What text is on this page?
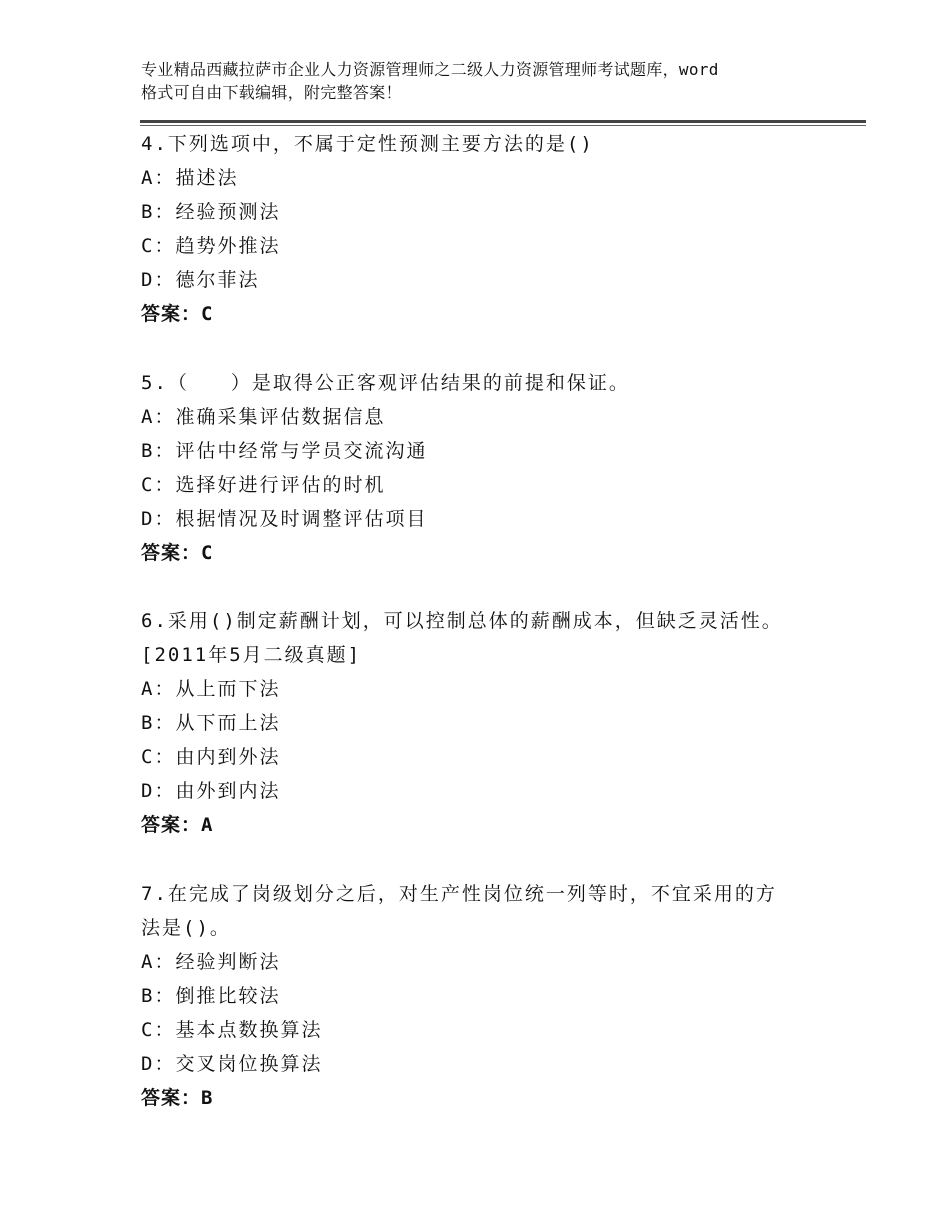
专业精品西藏拉萨市企业人力资源管理师之二级人力资源管理师考试题库，word
格式可自由下载编辑，附完整答案！
4.下列选项中，不属于定性预测主要方法的是()
A：描述法
B：经验预测法
C：趋势外推法
D：德尔菲法
答案：C
5.（　　）是取得公正客观评估结果的前提和保证。
A：准确采集评估数据信息
B：评估中经常与学员交流沟通
C：选择好进行评估的时机
D：根据情况及时调整评估项目
答案：C
6.采用()制定薪酬计划，可以控制总体的薪酬成本，但缺乏灵活性。
[2011年5月二级真题]
A：从上而下法
B：从下而上法
C：由内到外法
D：由外到内法
答案：A
7.在完成了岗级划分之后，对生产性岗位统一列等时，不宜采用的方
法是()。
A：经验判断法
B：倒推比较法
C：基本点数换算法
D：交叉岗位换算法
答案：B
